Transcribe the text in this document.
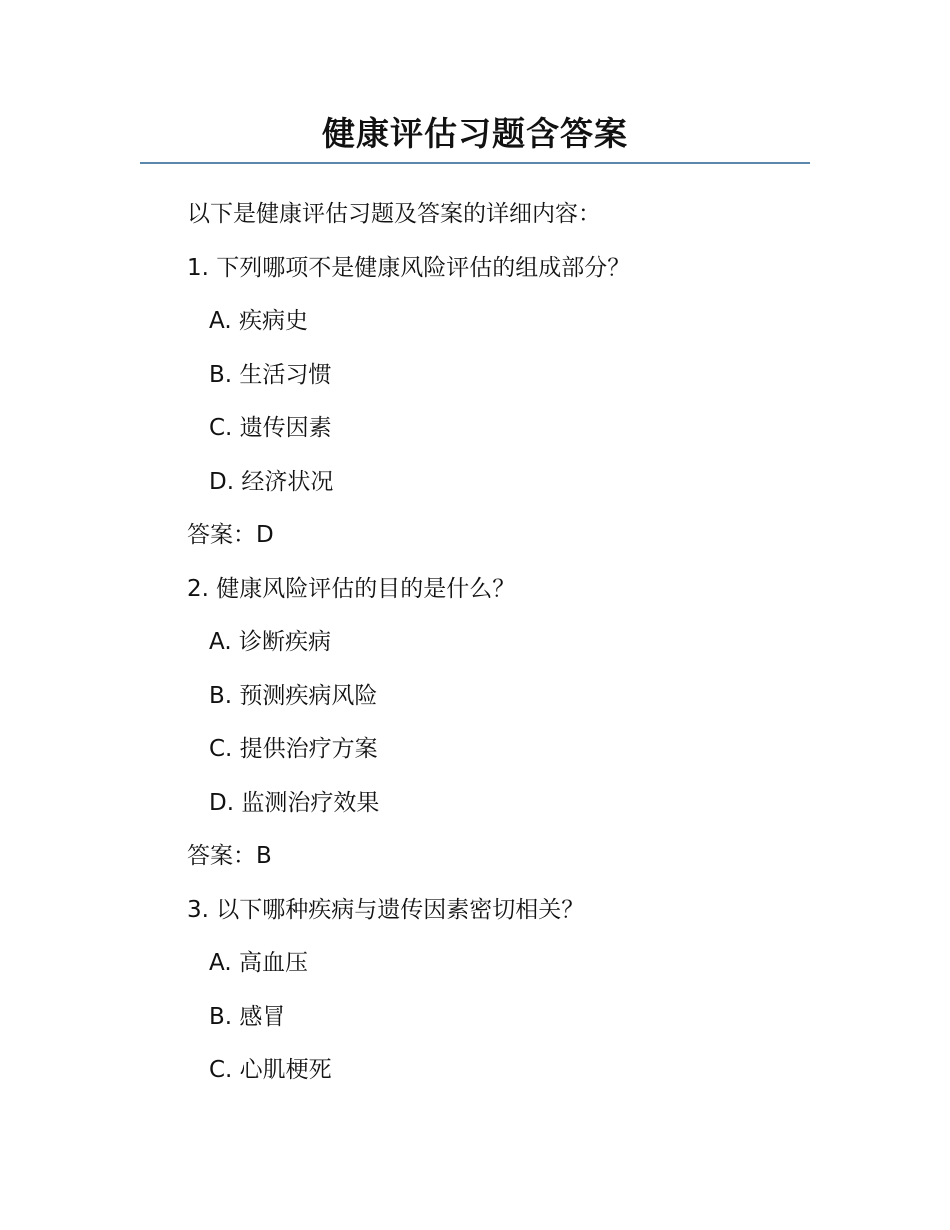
健康评估习题含答案
以下是健康评估习题及答案的详细内容：
1. 下列哪项不是健康风险评估的组成部分？
A. 疾病史
B. 生活习惯
C. 遗传因素
D. 经济状况
答案：D
2. 健康风险评估的目的是什么？
A. 诊断疾病
B. 预测疾病风险
C. 提供治疗方案
D. 监测治疗效果
答案：B
3. 以下哪种疾病与遗传因素密切相关？
A. 高血压
B. 感冒
C. 心肌梗死
